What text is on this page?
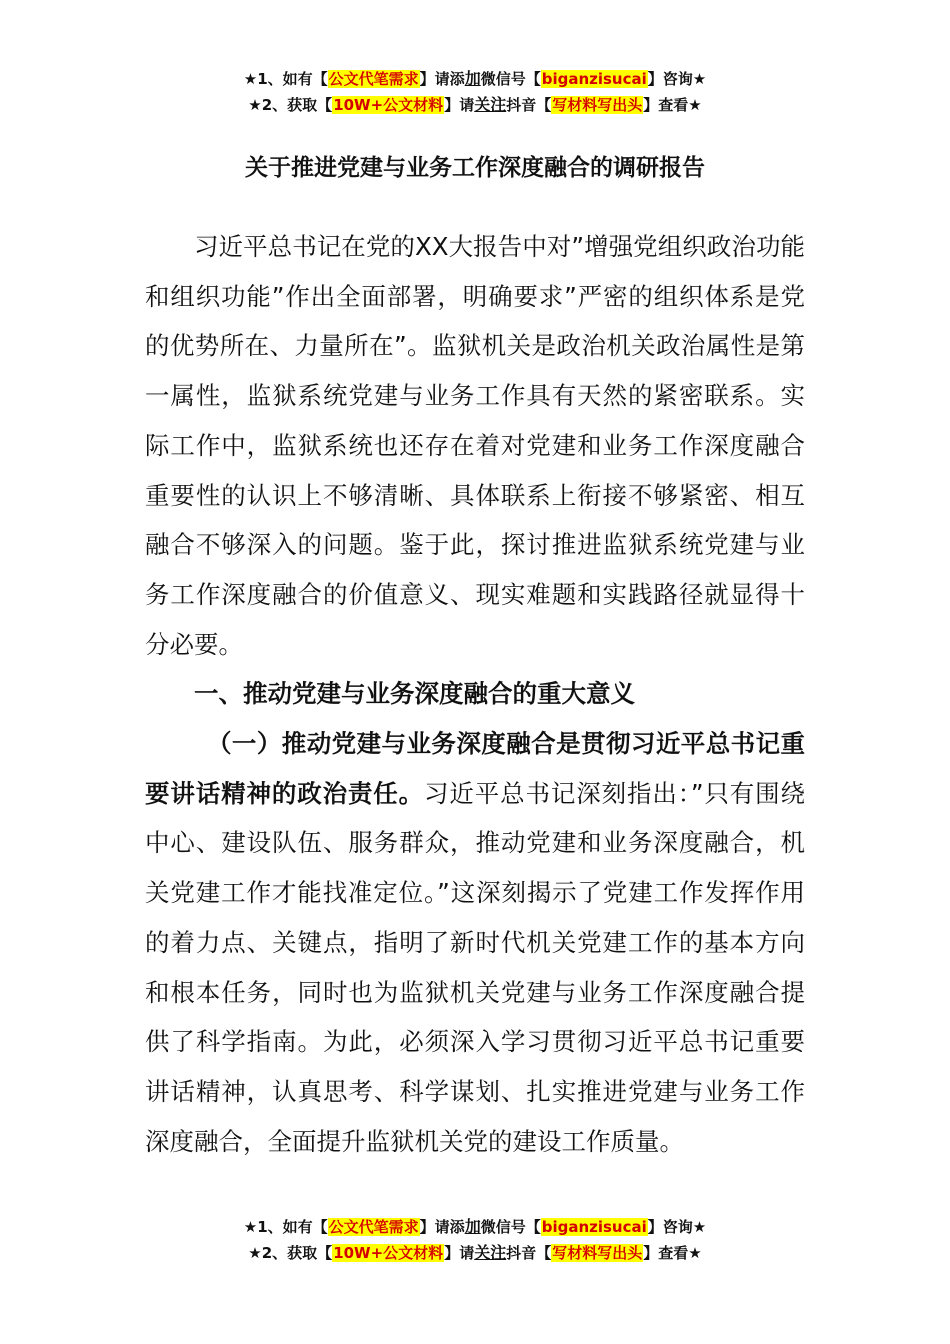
★1、如有【公文代笔需求】请添加微信号【biganzisucai】咨询★
★2、获取【10W+公文材料】请关注抖音【写材料写出头】查看★
关于推进党建与业务工作深度融合的调研报告

习近平总书记在党的XX大报告中对”增强党组织政治功能和组织功能”作出全面部署，明确要求”严密的组织体系是党的优势所在、力量所在”。监狱机关是政治机关政治属性是第一属性，监狱系统党建与业务工作具有天然的紧密联系。实际工作中，监狱系统也还存在着对党建和业务工作深度融合重要性的认识上不够清晰、具体联系上衔接不够紧密、相互融合不够深入的问题。鉴于此，探讨推进监狱系统党建与业务工作深度融合的价值意义、现实难题和实践路径就显得十分必要。

一、推动党建与业务深度融合的重大意义

（一）推动党建与业务深度融合是贯彻习近平总书记重要讲话精神的政治责任。习近平总书记深刻指出：”只有围绕中心、建设队伍、服务群众，推动党建和业务深度融合，机关党建工作才能找准定位。”这深刻揭示了党建工作发挥作用的着力点、关键点，指明了新时代机关党建工作的基本方向和根本任务，同时也为监狱机关党建与业务工作深度融合提供了科学指南。为此，必须深入学习贯彻习近平总书记重要讲话精神，认真思考、科学谋划、扎实推进党建与业务工作深度融合，全面提升监狱机关党的建设工作质量。

★1、如有【公文代笔需求】请添加微信号【biganzisucai】咨询★
★2、获取【10W+公文材料】请关注抖音【写材料写出头】查看★
